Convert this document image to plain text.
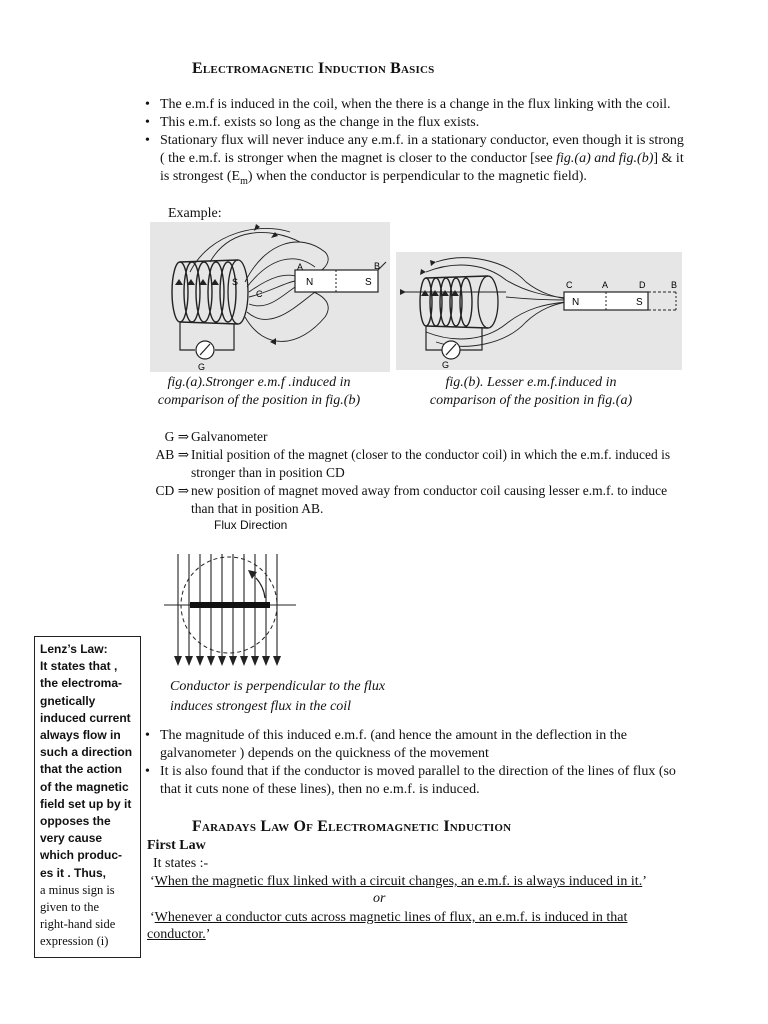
Electromagnetic Induction Basics
• The e.m.f is induced in the coil, when the there is a change in the flux linking with the coil.
• This e.m.f. exists so long as the change in the flux exists.
• Stationary flux will never induce any e.m.f. in a stationary conductor, even though it is strong
( the e.m.f. is stronger when the magnet is closer to the conductor [see fig.(a) and fig.(b)] & it
is strongest $(E_m)$ when the conductor is perpendicular to the magnetic field).
Example:
S
C
A	B
N	S
G
C	A	D	B
N	S
G
fig.(a).Stronger e.m.f .induced in
comparison of the position in fig.(b)
fig.(b). Lesser e.m.f.induced in
comparison of the position in fig.(a)
G ⇒ Galvanometer
AB ⇒ Initial position of the magnet (closer to the conductor coil) in which the e.m.f. induced is
stronger than in position CD
CD ⇒ new position of magnet moved away from conductor coil causing lesser e.m.f. to induce
than that in position AB.
Flux Direction
Conductor is perpendicular to the flux
induces strongest flux in the coil
Lenz’s Law:
It states that ,
the electroma-
gnetically
induced current
always flow in
such a direction
that the action
of the magnetic
field set up by it
opposes the
very cause
which produc-
es it . Thus,
a minus sign is
given to the
right-hand side
expression (i)
• The magnitude of this induced e.m.f. (and hence the amount in the deflection in the
galvanometer ) depends on the quickness of the movement
• It is also found that if the conductor is moved parallel to the direction of the lines of flux (so
that it cuts none of these lines), then no e.m.f. is induced.
Faradays Law Of Electromagnetic Induction
First Law
It states :-
‘When the magnetic flux linked with a circuit changes, an e.m.f. is always induced in it.’
or
‘Whenever a conductor cuts across magnetic lines of flux, an e.m.f. is induced in that
conductor.’
